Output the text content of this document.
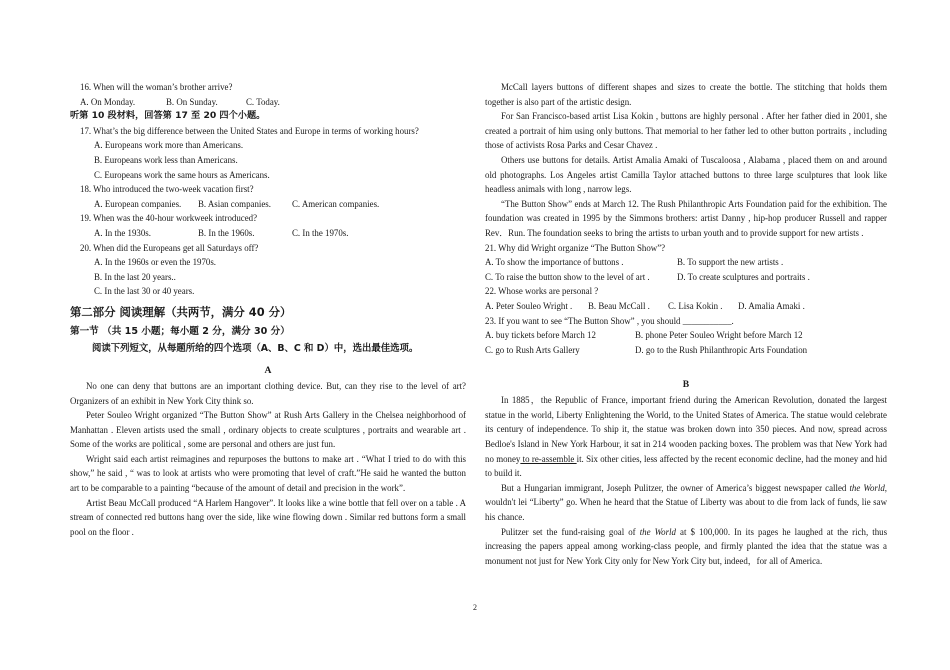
16. When will the woman’s brother arrive?
A. On Monday.	B. On Sunday.	C. Today.
听第 10 段材料，回答第 17 至 20 四个小题。
17. What’s the big difference between the United States and Europe in terms of working hours?
A. Europeans work more than Americans.
B. Europeans work less than Americans.
C. Europeans work the same hours as Americans.
18. Who introduced the two-week vacation first?
A. European companies.	B. Asian companies.	C. American companies.
19. When was the 40-hour workweek introduced?
A. In the 1930s.	B. In the 1960s.	C. In the 1970s.
20. When did the Europeans get all Saturdays off?
A. In the 1960s or even the 1970s.
B. In the last 20 years..
C. In the last 30 or 40 years.
第二部分 阅读理解（共两节，满分 40 分）
第一节 （共 15 小题；每小题 2 分，满分 30 分）
阅读下列短文，从每题所给的四个选项（A、B、C 和 D）中，选出最佳选项。
A
No one can deny that buttons are an important clothing device. But, can they rise to the level of art? Organizers of an exhibit in New York City think so.
Peter Souleo Wright organized “The Button Show” at Rush Arts Gallery in the Chelsea neighborhood of Manhattan . Eleven artists used the small , ordinary objects to create sculptures , portraits and wearable art . Some of the works are political , some are personal and others are just fun.
Wright said each artist reimagines and repurposes the buttons to make art . “What I tried to do with this show,” he said , “ was to look at artists who were promoting that level of craft.”He said he wanted the button art to be comparable to a painting “because of the amount of detail and precision in the work”.
Artist Beau McCall produced “A Harlem Hangover”. It looks like a wine bottle that fell over on a table . A stream of connected red buttons hang over the side, like wine flowing down . Similar red buttons form a small pool on the floor .
McCall layers buttons of different shapes and sizes to create the bottle. The stitching that holds them together is also part of the artistic design.
For San Francisco-based artist Lisa Kokin , buttons are highly personal . After her father died in 2001, she created a portrait of him using only buttons. That memorial to her father led to other button portraits , including those of activists Rosa Parks and Cesar Chavez .
Others use buttons for details. Artist Amalia Amaki of Tuscaloosa , Alabama , placed them on and around old photographs. Los Angeles artist Camilla Taylor attached buttons to three large sculptures that look like headless animals with long , narrow legs.
“The Button Show” ends at March 12. The Rush Philanthropic Arts Foundation paid for the exhibition. The foundation was created in 1995 by the Simmons brothers: artist Danny , hip-hop producer Russell and rapper Rev．Run. The foundation seeks to bring the artists to urban youth and to provide support for new artists .
21. Why did Wright organize “The Button Show”?
A. To show the importance of buttons .	B. To support the new artists .
C. To raise the button show to the level of art .	D. To create sculptures and portraits .
22. Whose works are personal ?
A. Peter Souleo Wright .	B. Beau McCall .	C. Lisa Kokin .	D. Amalia Amaki .
23. If you want to see “The Button Show” , you should ___________.
A. buy tickets before March 12	B. phone Peter Souleo Wright before March 12
C. go to Rush Arts Gallery	D. go to the Rush Philanthropic Arts Foundation
B
In 1885，the Republic of France, important friend during the American Revolution, donated the largest statue in the world, Liberty Enlightening the World, to the United States of America. The statue would celebrate its century of independence. To ship it, the statue was broken down into 350 pieces. And now, spread across Bedloe's Island in New York Harbour, it sat in 214 wooden packing boxes. The problem was that New York had no money to re-assemble it. Six other cities, less affected by the recent economic decline, had the money and hid to build it.
But a Hungarian immigrant, Joseph Pulitzer, the owner of America’s biggest newspaper called the World, wouldn't lei “Liberty” go. When he heard that the Statue of Liberty was about to die from lack of funds, lie saw his chance.
Pulitzer set the fund-raising goal of the World at $ 100,000. In its pages he laughed at the rich, thus increasing the papers appeal among working-class people, and firmly planted the idea that the statue was a monument not just for New York City only for New York City but, indeed，for all of America.
2
